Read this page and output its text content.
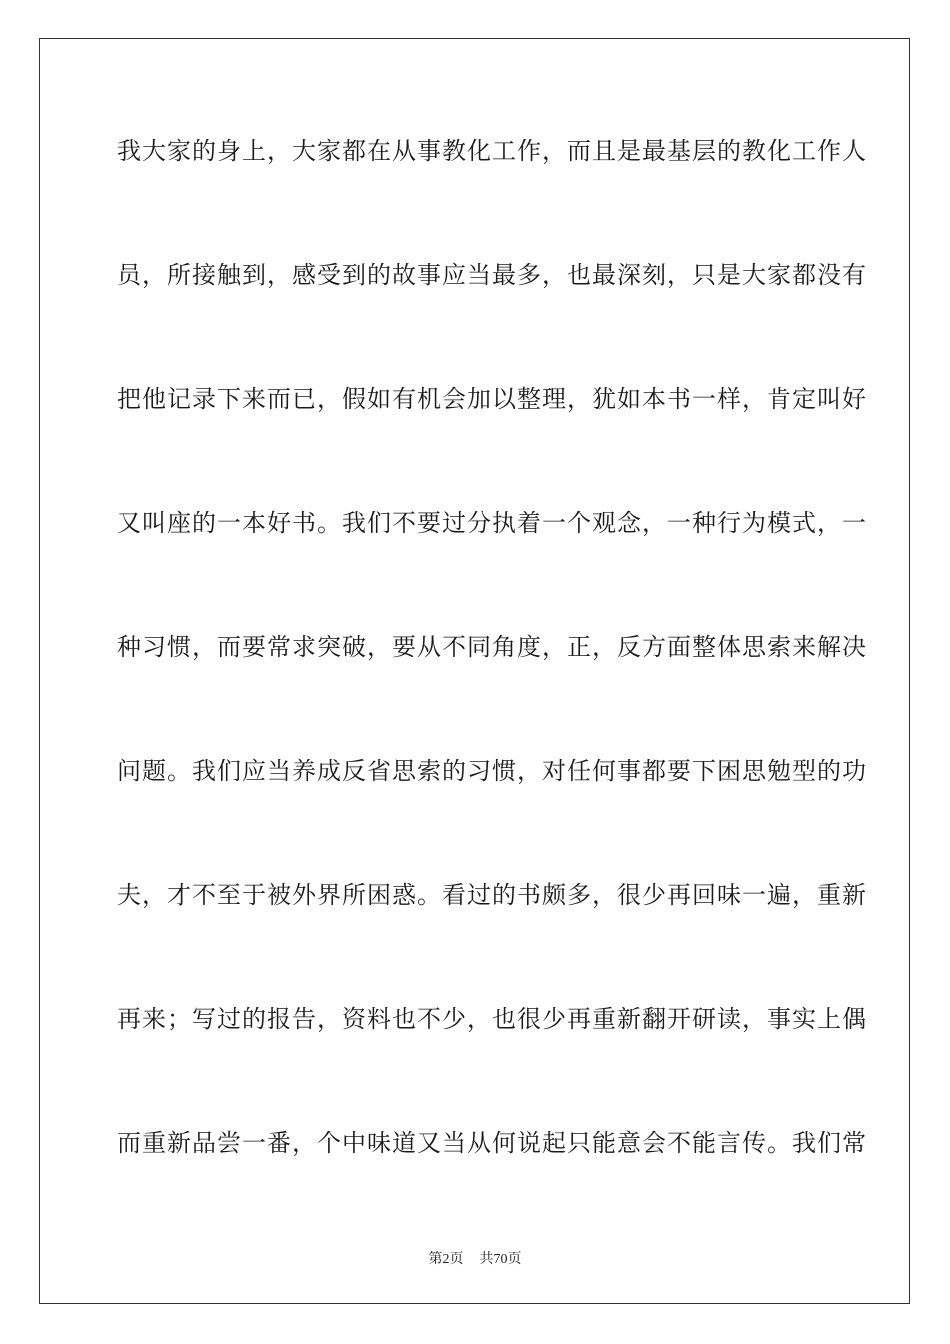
我大家的身上，大家都在从事教化工作，而且是最基层的教化工作人
员，所接触到，感受到的故事应当最多，也最深刻，只是大家都没有
把他记录下来而已，假如有机会加以整理，犹如本书一样，肯定叫好
又叫座的一本好书。我们不要过分执着一个观念，一种行为模式，一
种习惯，而要常求突破，要从不同角度，正，反方面整体思索来解决
问题。我们应当养成反省思索的习惯，对任何事都要下困思勉型的功
夫，才不至于被外界所困惑。看过的书颇多，很少再回味一遍，重新
再来；写过的报告，资料也不少，也很少再重新翻开研读，事实上偶
而重新品尝一番，个中味道又当从何说起只能意会不能言传。我们常
第2页 共70页
